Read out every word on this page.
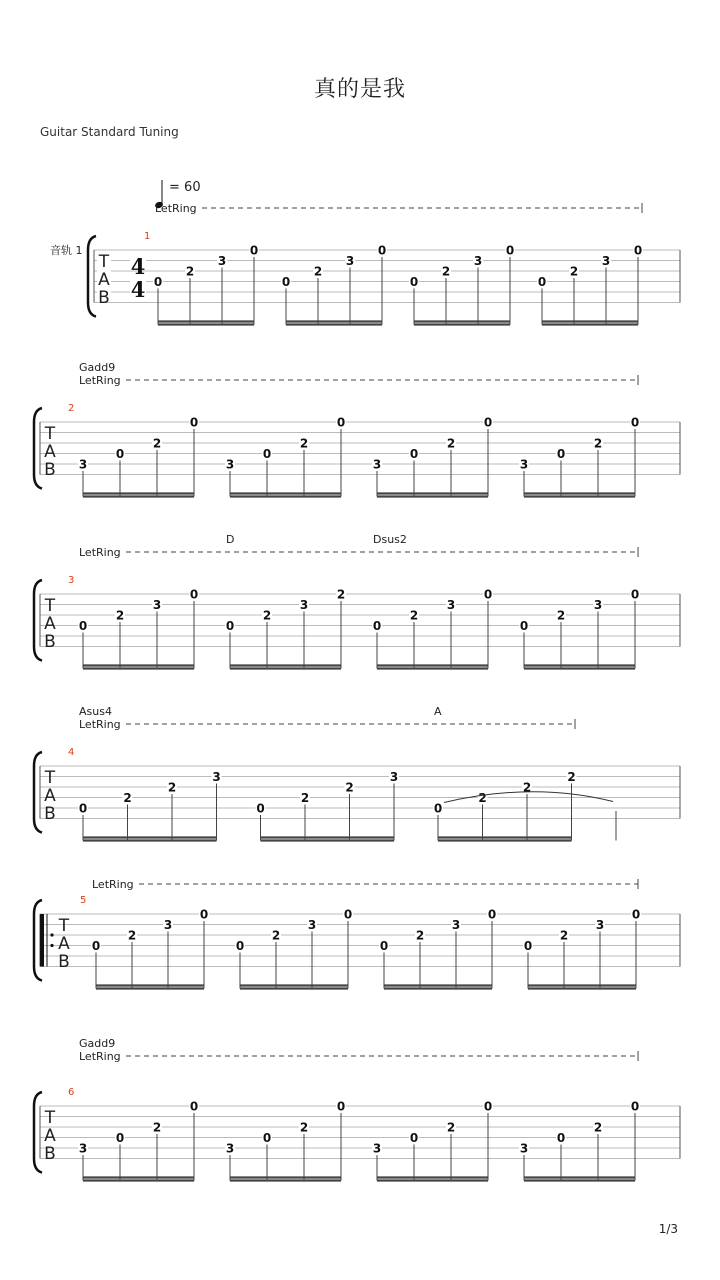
真的是我
Guitar Standard Tuning
= 60
音轨 1
1/3
T
A
B
4
4
1
LetRing
0
2
3
0
0
2
3
0
0
2
3
0
0
2
3
0
T
A
B
2
LetRing
Gadd9
3
0
2
0
3
0
2
0
3
0
2
0
3
0
2
0
T
A
B
3
LetRing
D	Dsus2
0
2
3
0
0
2
3
2
0
2
3
0
0
2
3
0
T
A
B
4
LetRing
Asus4	A
0
2
2
3
0
2
2
3
0
2
2
2
T
A
B
5
LetRing
0
2
3
0
0
2
3
0
0
2
3
0
0
2
3
0
T
A
B
6
LetRing
Gadd9
3
0
2
0
3
0
2
0
3
0
2
0
3
0
2
0
